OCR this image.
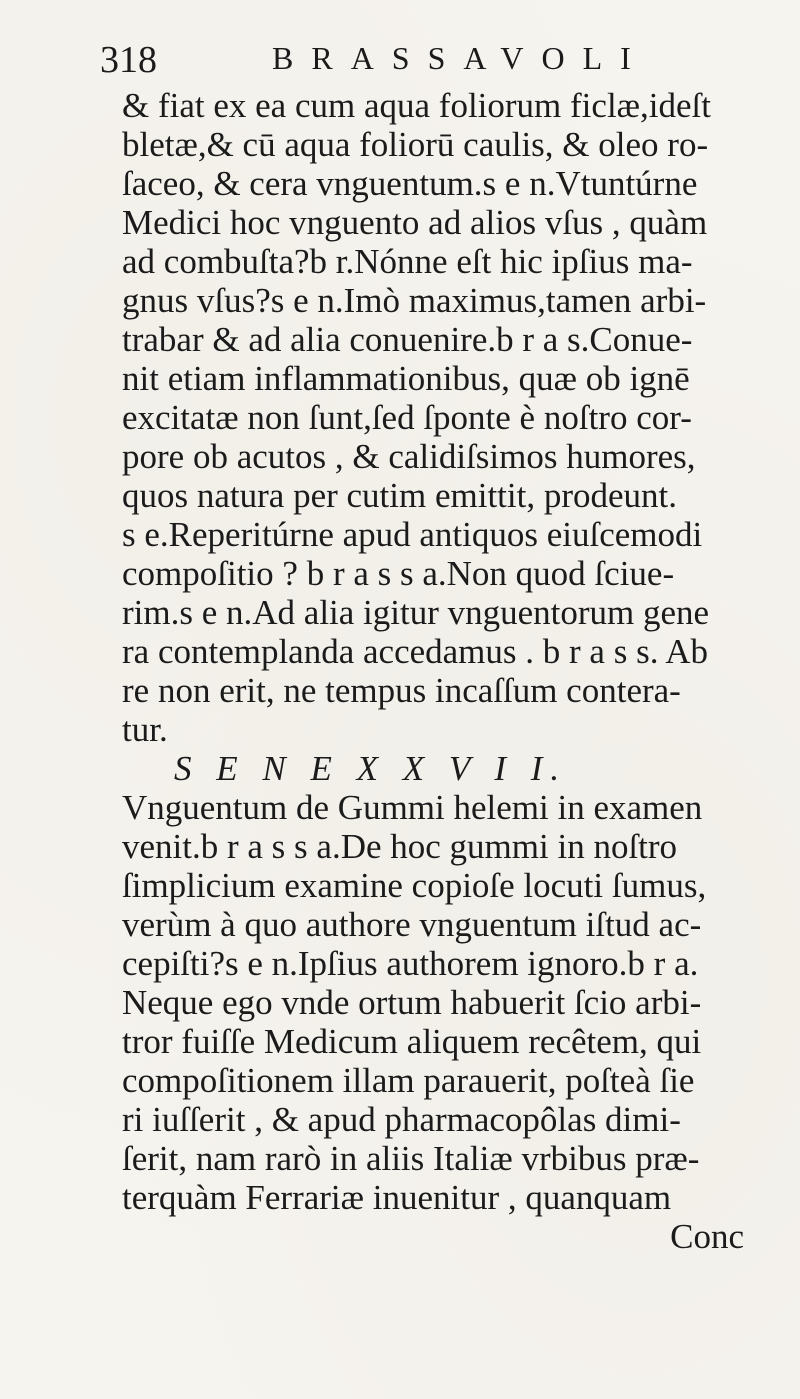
318	BRASSAVOLI
& fiat ex ea cum aqua foliorum ficlæ,ideſt
bletæ,& cū aqua foliorū caulis, & oleo ro-
ſaceo, & cera vnguentum.s e n.Vtuntúrne
Medici hoc vnguento ad alios vſus , quàm
ad combuſta?b r.Nónne eſt hic ipſius ma-
gnus vſus?s e n.Imò maximus,tamen arbi-
trabar & ad alia conuenire.b r a s.Conue-
nit etiam inflammationibus, quæ ob ignē
excitatæ non ſunt,ſed ſponte è noſtro cor-
pore ob acutos , & calidiſsimos humores,
quos natura per cutim emittit, prodeunt.
s e.Reperitúrne apud antiquos eiuſcemodi
compoſitio ? b r a s s a.Non quod ſciue-
rim.s e n.Ad alia igitur vnguentorum gene
ra contemplanda accedamus . b r a s s. Ab
re non erit, ne tempus incaſſum contera-
tur.
S E N E X X V I I.
Vnguentum de Gummi helemi in examen
venit.b r a s s a.De hoc gummi in noſtro
ſimplicium examine copioſe locuti ſumus,
verùm à quo authore vnguentum iſtud ac-
cepiſti?s e n.Ipſius authorem ignoro.b r a.
Neque ego vnde ortum habuerit ſcio arbi-
tror fuiſſe Medicum aliquem recêtem, qui
compoſitionem illam parauerit, poſteà ſie
ri iuſſerit , & apud pharmacopôlas dimi-
ſerit, nam rarò in aliis Italiæ vrbibus præ-
terquàm Ferrariæ inuenitur , quanquam
Conc
